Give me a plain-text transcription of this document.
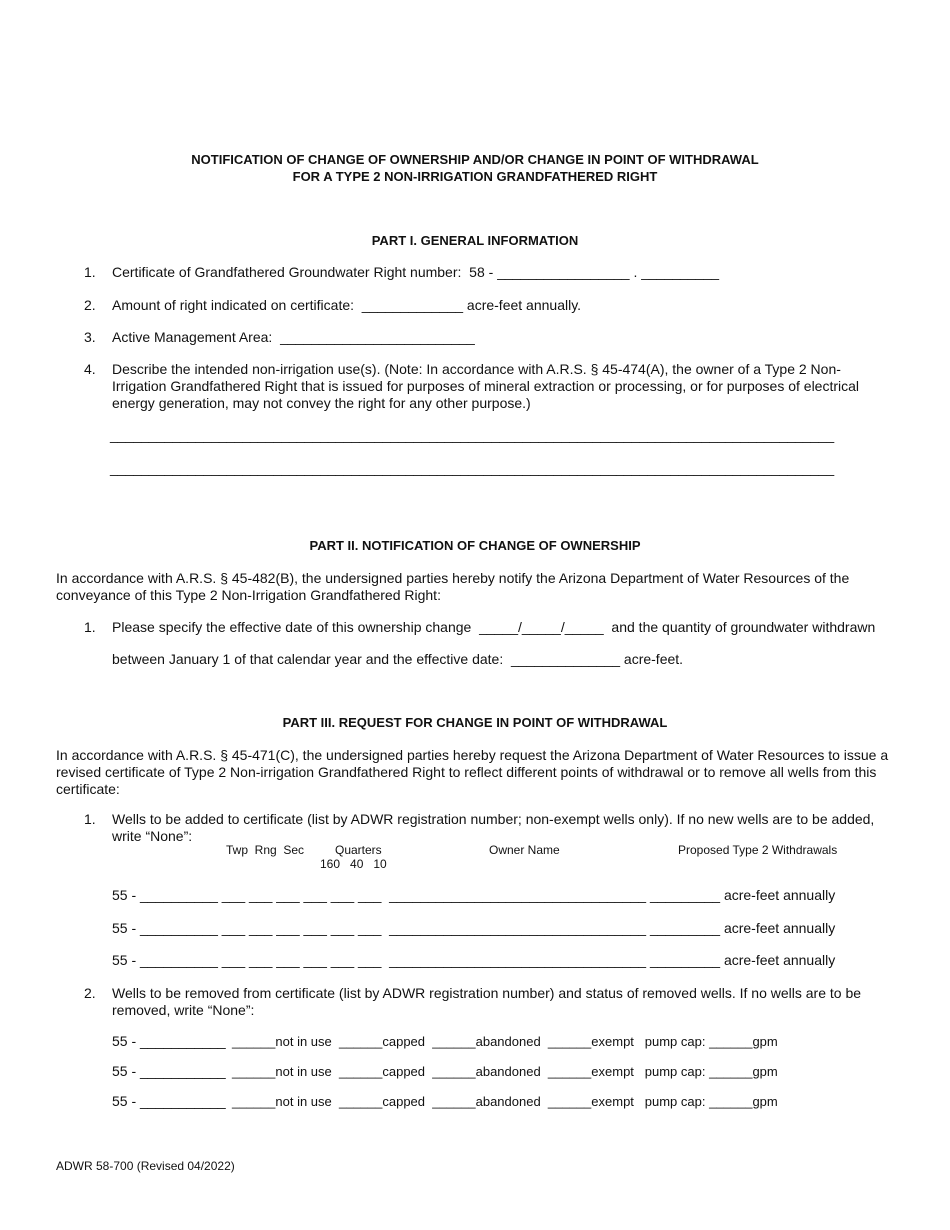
NOTIFICATION OF CHANGE OF OWNERSHIP AND/OR CHANGE IN POINT OF WITHDRAWAL
FOR A TYPE 2 NON-IRRIGATION GRANDFATHERED RIGHT
PART I. GENERAL INFORMATION
1. Certificate of Grandfathered Groundwater Right number:  58 - _________________ . __________
2. Amount of right indicated on certificate:  _____________ acre-feet annually.
3. Active Management Area:  _________________________
4. Describe the intended non-irrigation use(s). (Note: In accordance with A.R.S. § 45-474(A), the owner of a Type 2 Non-Irrigation Grandfathered Right that is issued for purposes of mineral extraction or processing, or for purposes of electrical energy generation, may not convey the right for any other purpose.)
_____________________________________________________________________________________________
_____________________________________________________________________________________________
PART II. NOTIFICATION OF CHANGE OF OWNERSHIP
In accordance with A.R.S. § 45-482(B), the undersigned parties hereby notify the Arizona Department of Water Resources of the conveyance of this Type 2 Non-Irrigation Grandfathered Right:
1. Please specify the effective date of this ownership change  _____/_____/_____  and the quantity of groundwater withdrawn
between January 1 of that calendar year and the effective date:  ______________ acre-feet.
PART III. REQUEST FOR CHANGE IN POINT OF WITHDRAWAL
In accordance with A.R.S. § 45-471(C), the undersigned parties hereby request the Arizona Department of Water Resources to issue a revised certificate of Type 2 Non-irrigation Grandfathered Right to reflect different points of withdrawal or to remove all wells from this certificate:
1. Wells to be added to certificate (list by ADWR registration number; non-exempt wells only). If no new wells are to be added, write “None”:
Twp  Rng  Sec	Quarters
160   40   10
Owner Name	Proposed Type 2 Withdrawals
55 - __________ ___ ___ ___ ___ ___ ___  _________________________________ _________ acre-feet annually
55 - __________ ___ ___ ___ ___ ___ ___  _________________________________ _________ acre-feet annually
55 - __________ ___ ___ ___ ___ ___ ___  _________________________________ _________ acre-feet annually
2. Wells to be removed from certificate (list by ADWR registration number) and status of removed wells. If no wells are to be removed, write “None”:
55 - ___________ ______not in use  ______capped  ______abandoned  ______exempt   pump cap: ______gpm
55 - ___________ ______not in use  ______capped  ______abandoned  ______exempt   pump cap: ______gpm
55 - ___________ ______not in use  ______capped  ______abandoned  ______exempt   pump cap: ______gpm
ADWR 58-700 (Revised 04/2022)
